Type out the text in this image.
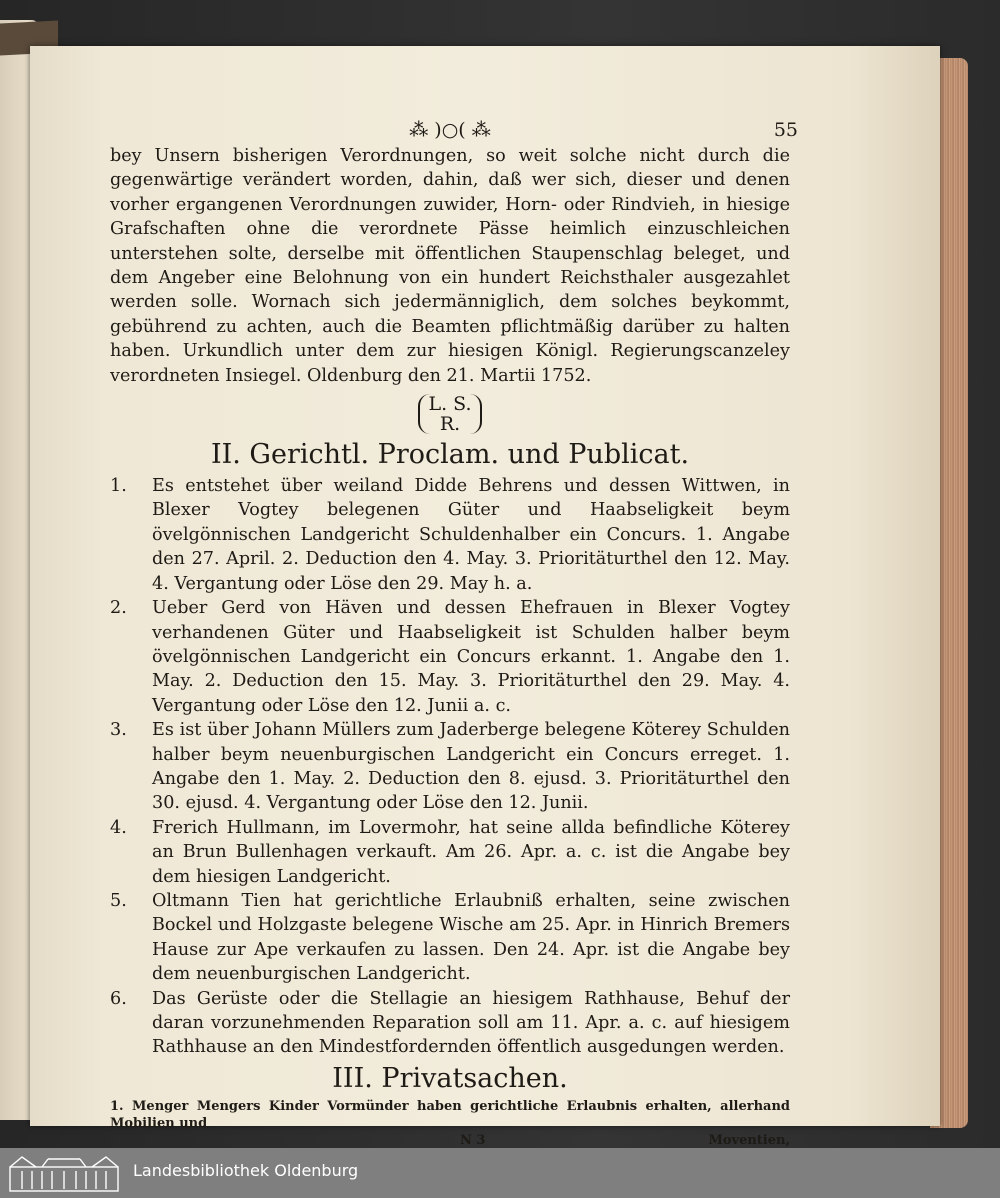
⁂ )○( ⁂	55

bey Unsern bisherigen Verordnungen, so weit solche nicht durch die gegenwärtige verändert worden, dahin, daß wer sich, dieser und denen vorher ergangenen Verordnungen zuwider, Horn- oder Rindvieh, in hiesige Grafschaften ohne die verordnete Pässe heimlich einzuschleichen unterstehen solte, derselbe mit öffentlichen Staupenschlag beleget, und dem Angeber eine Belohnung von ein hundert Reichsthaler ausgezahlet werden solle. Wornach sich jedermänniglich, dem solches beykommt, gebührend zu achten, auch die Beamten pflichtmäßig darüber zu halten haben. Urkundlich unter dem zur hiesigen Königl. Regierungscanzeley verordneten Insiegel. Oldenburg den 21. Martii 1752.

L. S.
R.
II. Gerichtl. Proclam. und Publicat.
1. Es entstehet über weiland Didde Behrens und dessen Wittwen, in Blexer Vogtey belegenen Güter und Haabseligkeit beym övelgönnischen Landgericht Schuldenhalber ein Concurs. 1. Angabe den 27. April. 2. Deduction den 4. May. 3. Prioritäturthel den 12. May. 4. Vergantung oder Löse den 29. May h. a.
2. Ueber Gerd von Häven und dessen Ehefrauen in Blexer Vogtey verhandenen Güter und Haabseligkeit ist Schulden halber beym övelgönnischen Landgericht ein Concurs erkannt. 1. Angabe den 1. May. 2. Deduction den 15. May. 3. Prioritäturthel den 29. May. 4. Vergantung oder Löse den 12. Junii a. c.
3. Es ist über Johann Müllers zum Jaderberge belegene Köterey Schulden halber beym neuenburgischen Landgericht ein Concurs erreget. 1. Angabe den 1. May. 2. Deduction den 8. ejusd. 3. Prioritäturthel den 30. ejusd. 4. Vergantung oder Löse den 12. Junii.
4. Frerich Hullmann, im Lovermohr, hat seine allda befindliche Köterey an Brun Bullenhagen verkauft. Am 26. Apr. a. c. ist die Angabe bey dem hiesigen Landgericht.
5. Oltmann Tien hat gerichtliche Erlaubniß erhalten, seine zwischen Bockel und Holzgaste belegene Wische am 25. Apr. in Hinrich Bremers Hause zur Ape verkaufen zu lassen. Den 24. Apr. ist die Angabe bey dem neuenburgischen Landgericht.
6. Das Gerüste oder die Stellagie an hiesigem Rathhause, Behuf der daran vorzunehmenden Reparation soll am 11. Apr. a. c. auf hiesigem Rathhause an den Mindestfordernden öffentlich ausgedungen werden.
III. Privatsachen.

1. Menger Mengers Kinder Vormünder haben gerichtliche Erlaubnis erhalten, allerhand Mobilien und

N 3	Moventien,
Landesbibliothek Oldenburg
